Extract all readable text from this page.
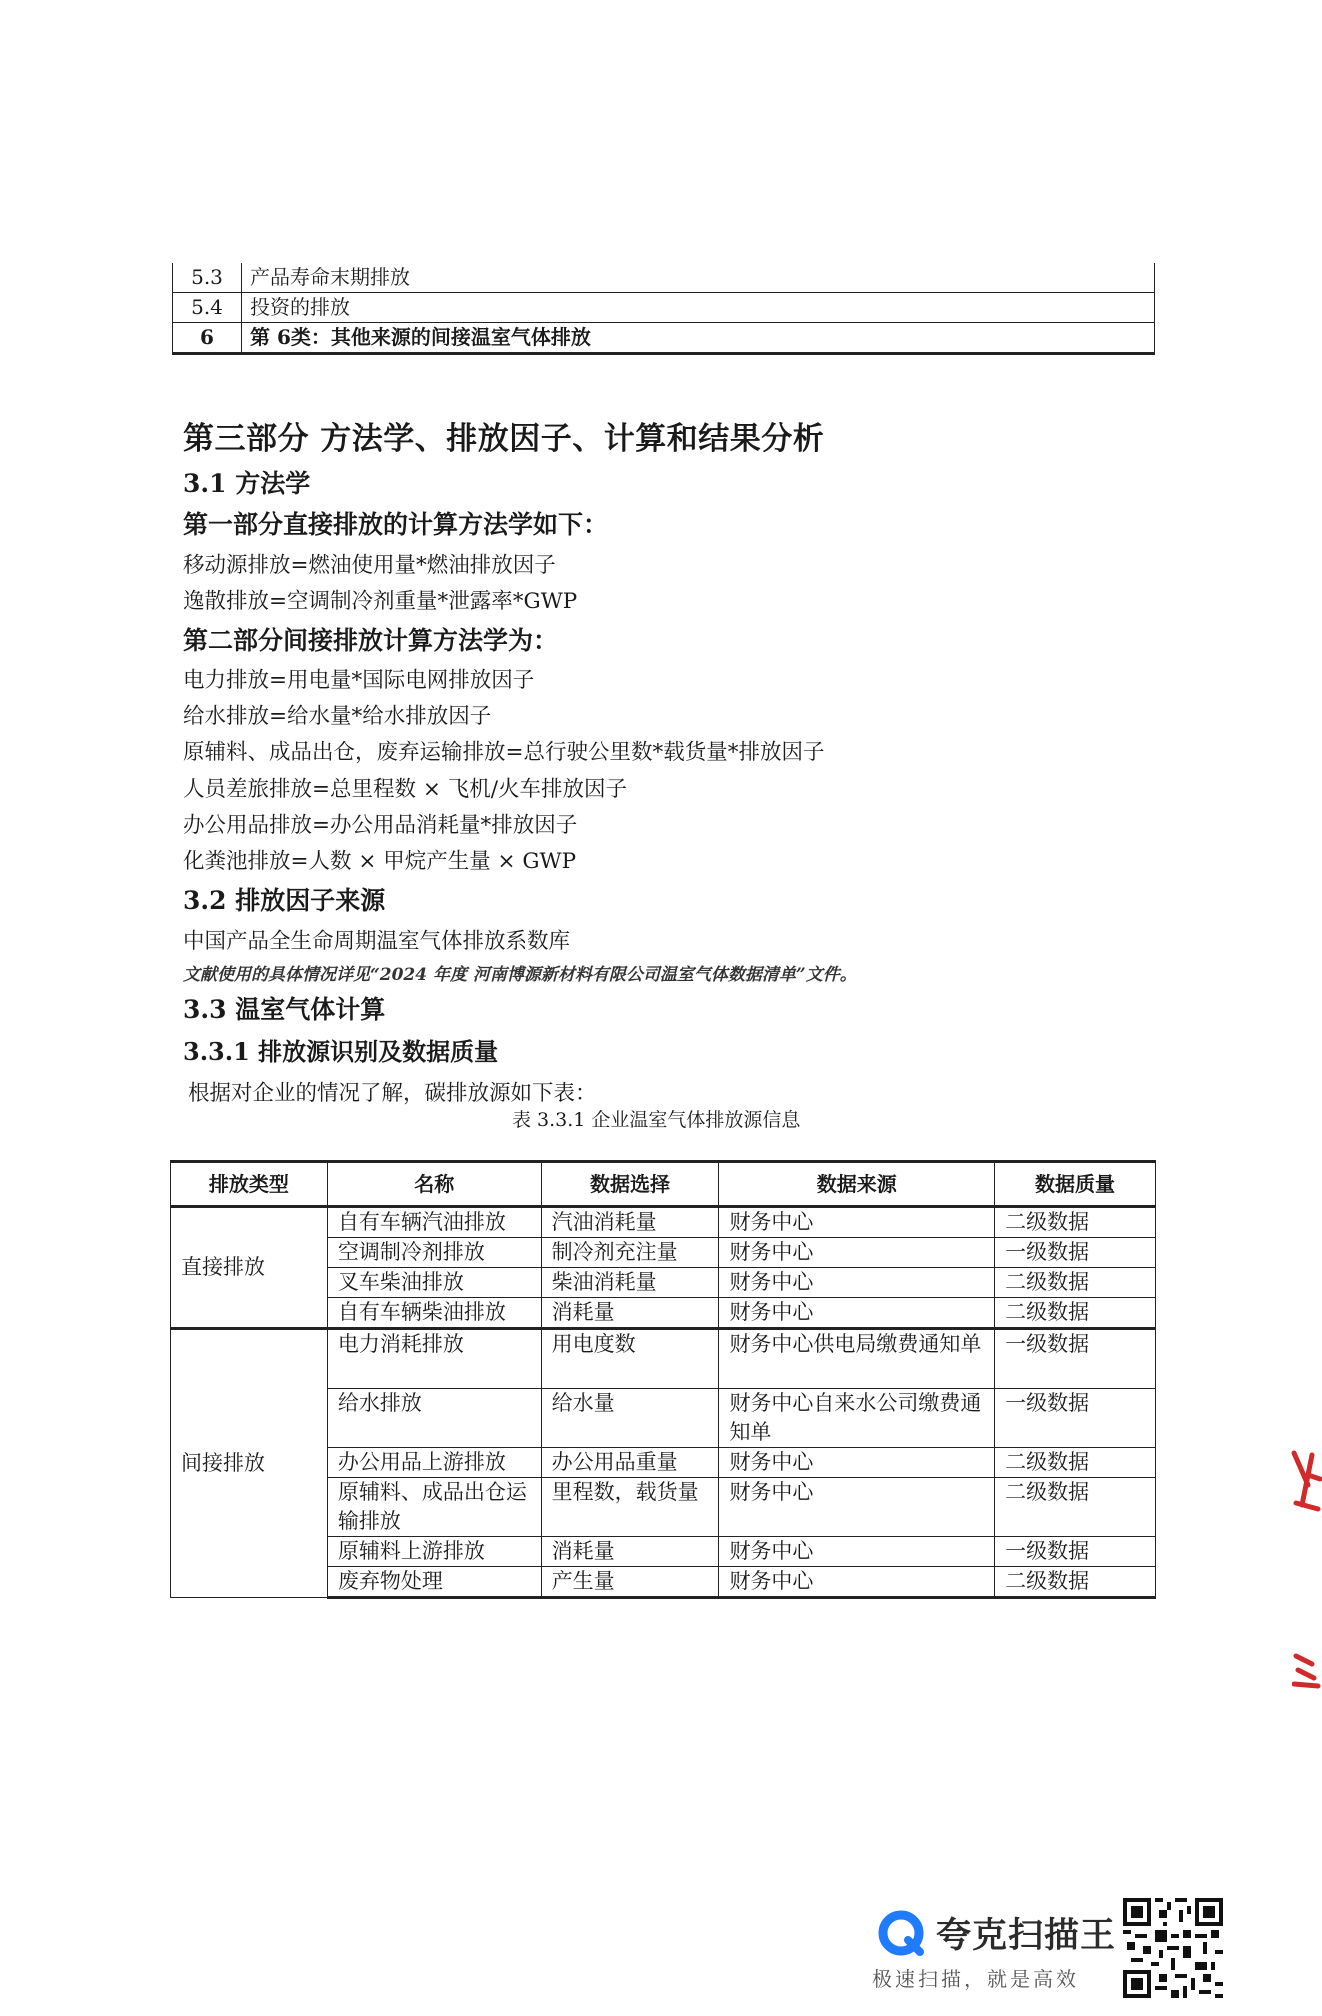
5.3	产品寿命末期排放
5.4	投资的排放
6	第 6类：其他来源的间接温室气体排放
第三部分 方法学、排放因子、计算和结果分析
3.1 方法学
第一部分直接排放的计算方法学如下：
移动源排放=燃油使用量*燃油排放因子
逸散排放=空调制冷剂重量*泄露率*GWP
第二部分间接排放计算方法学为：
电力排放=用电量*国际电网排放因子
给水排放=给水量*给水排放因子
原辅料、成品出仓，废弃运输排放=总行驶公里数*载货量*排放因子
人员差旅排放=总里程数 × 飞机/火车排放因子
办公用品排放=办公用品消耗量*排放因子
化粪池排放=人数 × 甲烷产生量 × GWP
3.2 排放因子来源
中国产品全生命周期温室气体排放系数库
文献使用的具体情况详见“2024 年度 河南博源新材料有限公司温室气体数据清单”文件。
3.3 温室气体计算
3.3.1 排放源识别及数据质量
根据对企业的情况了解，碳排放源如下表：
表 3.3.1 企业温室气体排放源信息
排放类型	名称	数据选择	数据来源	数据质量
直接排放	自有车辆汽油排放	汽油消耗量	财务中心	二级数据
	空调制冷剂排放	制冷剂充注量	财务中心	一级数据
	叉车柴油排放	柴油消耗量	财务中心	二级数据
	自有车辆柴油排放	消耗量	财务中心	二级数据
间接排放	电力消耗排放	用电度数	财务中心供电局缴费通知单	一级数据
	给水排放	给水量	财务中心自来水公司缴费通知单	一级数据
	办公用品上游排放	办公用品重量	财务中心	二级数据
	原辅料、成品出仓运输排放	里程数，载货量	财务中心	二级数据
	原辅料上游排放	消耗量	财务中心	一级数据
	废弃物处理	产生量	财务中心	二级数据
夸克扫描王
极速扫描，就是高效
